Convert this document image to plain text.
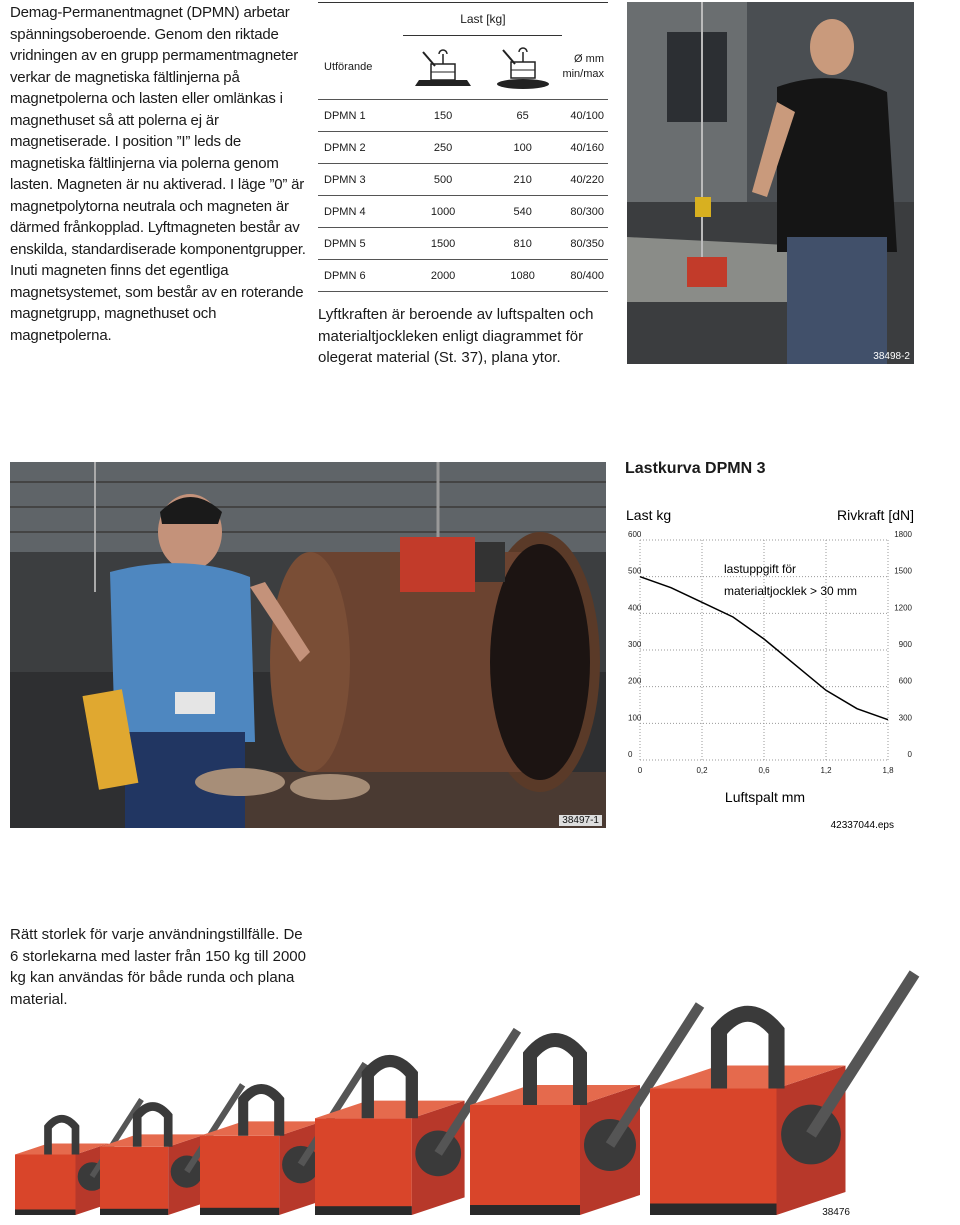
Demag-Permanentmagnet (DPMN) arbetar spänningsoberoende. Genom den riktade vridningen av en grupp permamentmagneter verkar de magnetiska fältlinjerna på magnetpolerna och lasten eller omlänkas i magnethuset så att polerna ej är magnetiserade. I position ”I” leds de magnetiska fältlinjerna via polerna genom lasten. Magneten är nu aktiverad. I läge ”0” är magnetpolytorna neutrala och magneten är därmed frånkopplad. Lyftmagneten består av enskilda, standardiserade komponentgrupper. Inuti magneten finns det egentliga magnetsystemet, som består av en roterande magnetgrupp, magnethuset och magnetpolerna.
	Last [kg]		
Utförande			Ø mm
min/max

DPMN 1	150	65	40/100
DPMN 2	250	100	40/160
DPMN 3	500	210	40/220
DPMN 4	1000	540	80/300
DPMN 5	1500	810	80/350
DPMN 6	2000	1080	80/400
Lyftkraften är beroende av luftspalten och materialtjockleken enligt diagrammet för olegerat material (St. 37), plana ytor.	38498-2
38497-1
Lastkurva DPMN 3
Last kg	Rivkraft [dN]
0	0
100	300
200	600
300	900
400	1200
500	1500
600	1800
0	0,2	0,6	1,2	1,8
lastuppgift för
materialtjocklek > 30 mm
Luftspalt mm
42337044.eps
Rätt storlek för varje användningstillfälle. De 6 storlekarna med laster från 150 kg till 2000 kg kan användas för både runda och plana material.
38476
